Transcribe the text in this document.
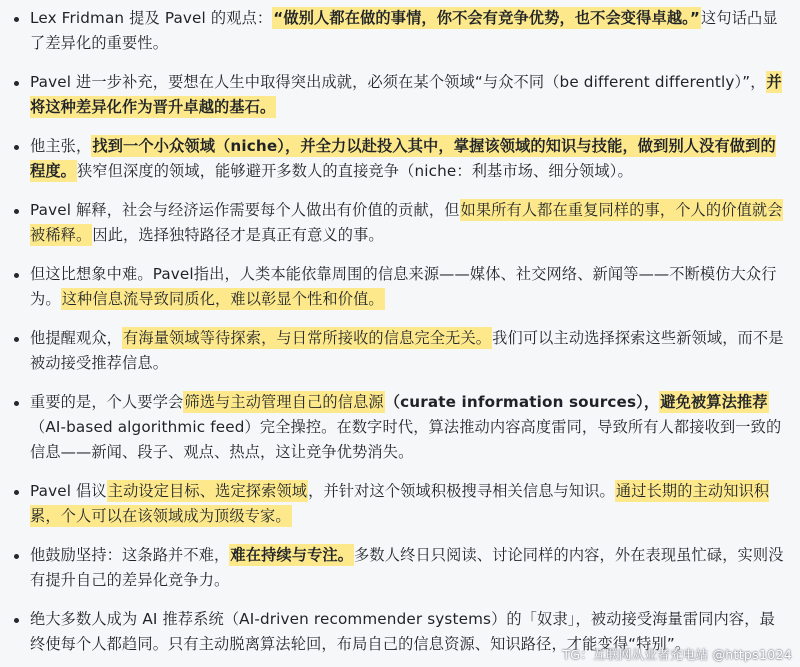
Lex Fridman 提及 Pavel 的观点：“做别人都在做的事情，你不会有竞争优势，也不会变得卓越。”这句话凸显了差异化的重要性。
Pavel 进一步补充，要想在人生中取得突出成就，必须在某个领域“与众不同（be different differently）”，并将这种差异化作为晋升卓越的基石。
他主张，找到一个小众领域（niche），并全力以赴投入其中，掌握该领域的知识与技能，做到别人没有做到的程度。狭窄但深度的领域，能够避开多数人的直接竞争（niche：利基市场、细分领域）。
Pavel 解释，社会与经济运作需要每个人做出有价值的贡献，但如果所有人都在重复同样的事，个人的价值就会被稀释。因此，选择独特路径才是真正有意义的事。
但这比想象中难。Pavel指出，人类本能依靠周围的信息来源——媒体、社交网络、新闻等——不断模仿大众行为。这种信息流导致同质化，难以彰显个性和价值。
他提醒观众，有海量领域等待探索，与日常所接收的信息完全无关。我们可以主动选择探索这些新领域，而不是被动接受推荐信息。
重要的是，个人要学会筛选与主动管理自己的信息源（curate information sources），避免被算法推荐（AI-based algorithmic feed）完全操控。在数字时代，算法推动内容高度雷同，导致所有人都接收到一致的信息——新闻、段子、观点、热点，这让竞争优势消失。
Pavel 倡议主动设定目标、选定探索领域，并针对这个领域积极搜寻相关信息与知识。通过长期的主动知识积累，个人可以在该领域成为顶级专家。
他鼓励坚持：这条路并不难，难在持续与专注。多数人终日只阅读、讨论同样的内容，外在表现虽忙碌，实则没有提升自己的差异化竞争力。
绝大多数人成为 AI 推荐系统（AI-driven recommender systems）的「奴隶」，被动接受海量雷同内容，最终使每个人都趋同。只有主动脱离算法轮回，布局自己的信息资源、知识路径，才能变得“特别”。
TG：互联网从业者充电站 @https1024
